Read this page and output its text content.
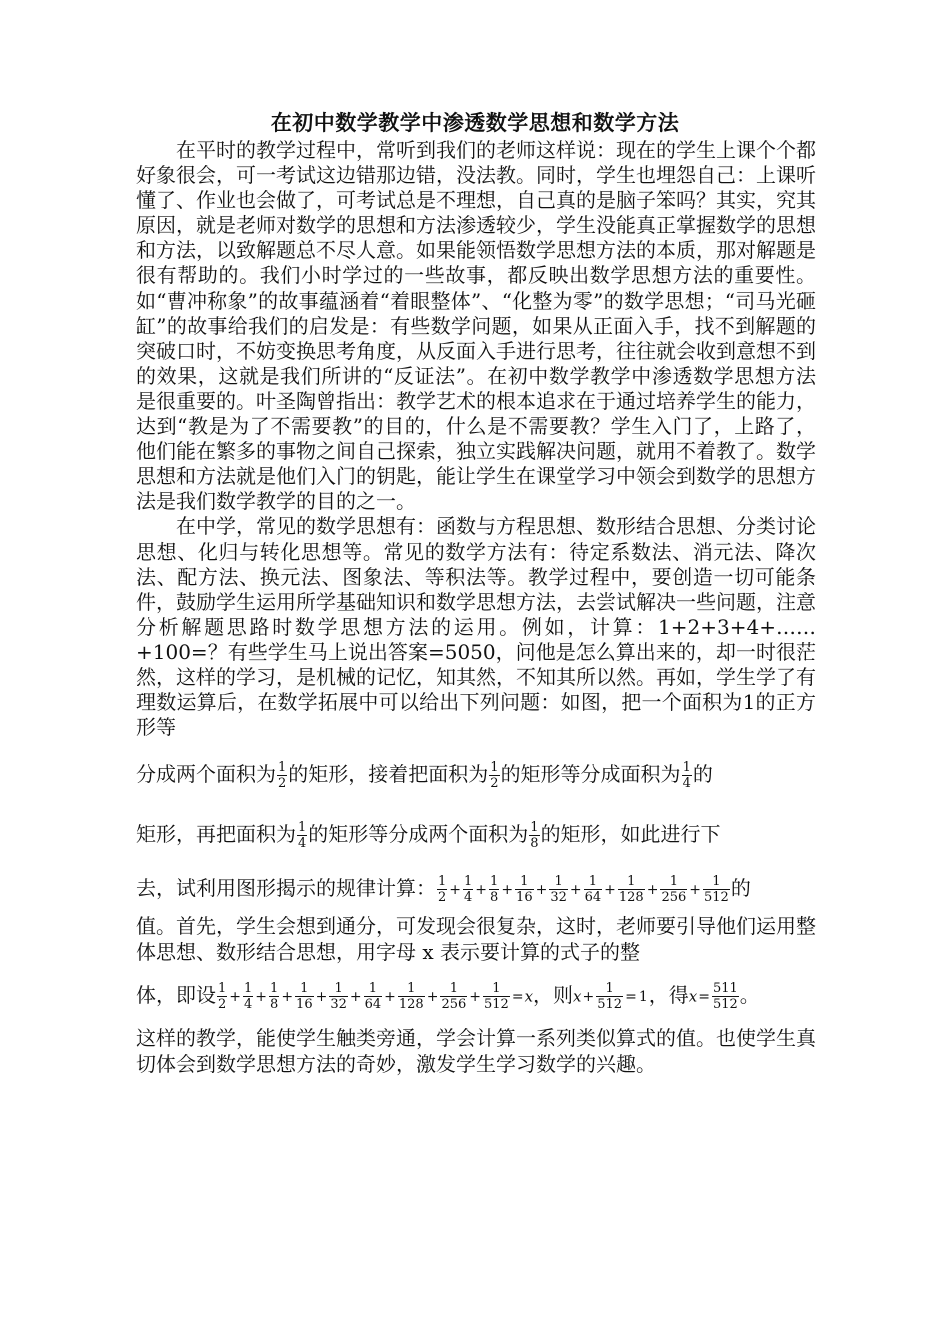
在初中数学教学中渗透数学思想和数学方法

在平时的教学过程中，常听到我们的老师这样说：现在的学生上课个个都好象很会，可一考试这边错那边错，没法教。同时，学生也埋怨自己：上课听懂了、作业也会做了，可考试总是不理想，自己真的是脑子笨吗？其实，究其原因，就是老师对数学的思想和方法渗透较少，学生没能真正掌握数学的思想和方法，以致解题总不尽人意。如果能领悟数学思想方法的本质，那对解题是很有帮助的。我们小时学过的一些故事，都反映出数学思想方法的重要性。如“曹冲称象”的故事蕴涵着“着眼整体”、“化整为零”的数学思想；“司马光砸缸”的故事给我们的启发是：有些数学问题，如果从正面入手，找不到解题的突破口时，不妨变换思考角度，从反面入手进行思考，往往就会收到意想不到的效果，这就是我们所讲的“反证法”。在初中数学教学中渗透数学思想方法是很重要的。叶圣陶曾指出：教学艺术的根本追求在于通过培养学生的能力，达到“教是为了不需要教”的目的，什么是不需要教？学生入门了，上路了，他们能在繁多的事物之间自己探索，独立实践解决问题，就用不着教了。数学思想和方法就是他们入门的钥匙，能让学生在课堂学习中领会到数学的思想方法是我们数学教学的目的之一。

在中学，常见的数学思想有：函数与方程思想、数形结合思想、分类讨论思想、化归与转化思想等。常见的数学方法有：待定系数法、消元法、降次法、配方法、换元法、图象法、等积法等。教学过程中，要创造一切可能条件，鼓励学生运用所学基础知识和数学思想方法，去尝试解决一些问题，注意分析解题思路时数学思想方法的运用。例如，计算：1+2+3+4+……+100=？有些学生马上说出答案=5050，问他是怎么算出来的，却一时很茫然，这样的学习，是机械的记忆，知其然，不知其所以然。再如，学生学了有理数运算后，在数学拓展中可以给出下列问题：如图，把一个面积为1的正方形等

分成两个面积为 $\frac{1}{2}$ 的矩形，接着把面积为 $\frac{1}{2}$ 的矩形等分成面积为 $\frac{1}{4}$ 的
矩形，再把面积为 $\frac{1}{4}$ 的矩形等分成两个面积为 $\frac{1}{8}$ 的矩形，如此进行下
去，试利用图形揭示的规律计算： $\frac{1}{2} + \frac{1}{4} + \frac{1}{8} + \frac{1}{16} + \frac{1}{32} + \frac{1}{64} + \frac{1}{128} + \frac{1}{256} + \frac{1}{512}$ 的
值。首先，学生会想到通分，可发现会很复杂，这时，老师要引导他们运用整体思想、数形结合思想，用字母 x 表示要计算的式子的整
体，即设 $\frac{1}{2} + \frac{1}{4} + \frac{1}{8} + \frac{1}{16} + \frac{1}{32} + \frac{1}{64} + \frac{1}{128} + \frac{1}{256} + \frac{1}{512} =x$，则$x+ \frac{1}{512} = 1$，得$x= \frac{511}{512}$ 。
这样的教学，能使学生触类旁通，学会计算一系列类似算式的值。也使学生真切体会到数学思想方法的奇妙，激发学生学习数学的兴趣。
